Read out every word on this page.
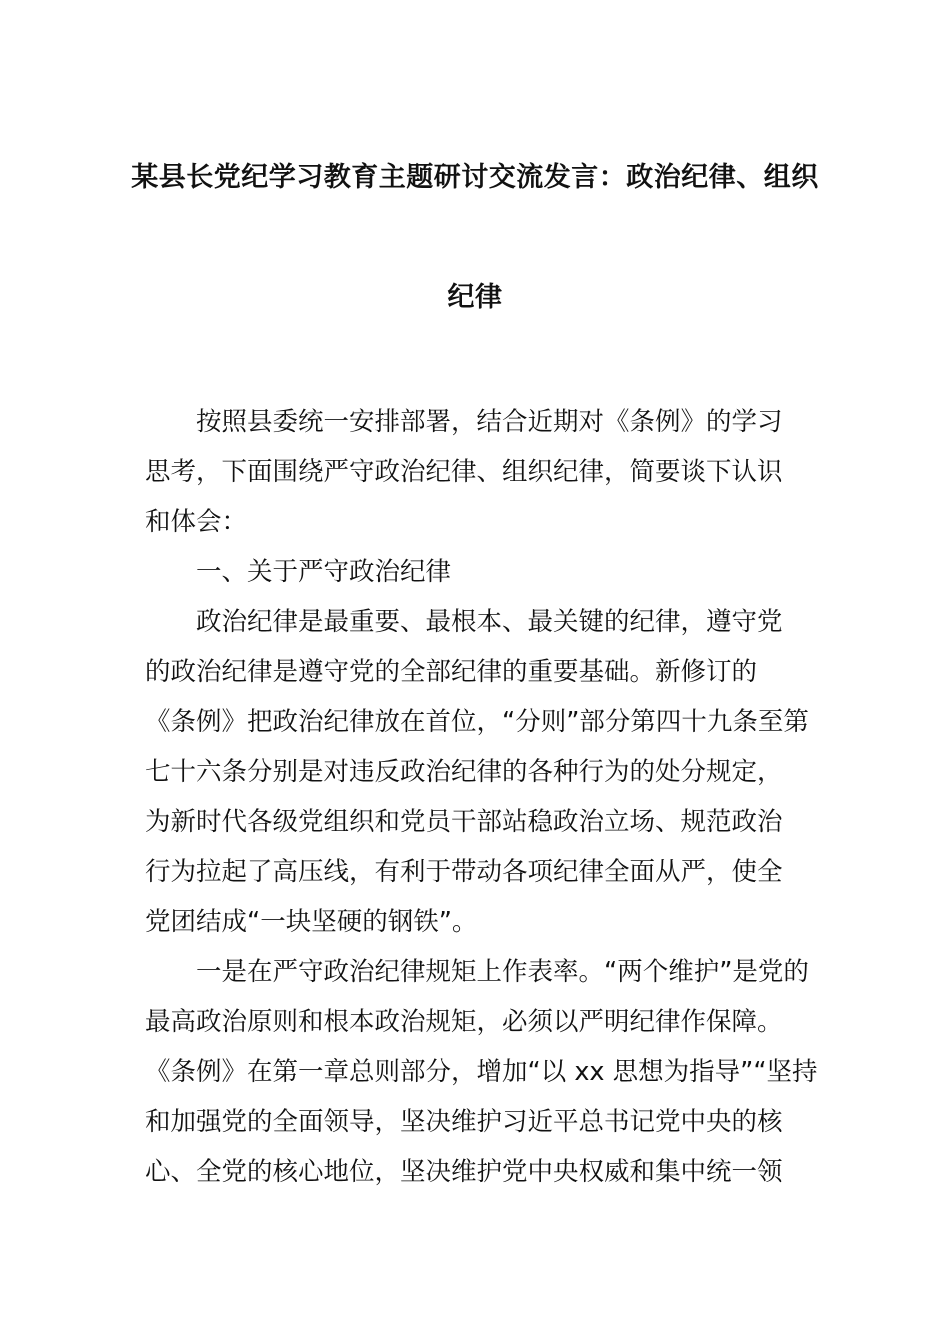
某县长党纪学习教育主题研讨交流发言：政治纪律、组织
纪律
按照县委统一安排部署，结合近期对《条例》的学习
思考，下面围绕严守政治纪律、组织纪律，简要谈下认识
和体会：
一、关于严守政治纪律
政治纪律是最重要、最根本、最关键的纪律，遵守党
的政治纪律是遵守党的全部纪律的重要基础。新修订的
《条例》把政治纪律放在首位，“分则”部分第四十九条至第
七十六条分别是对违反政治纪律的各种行为的处分规定，
为新时代各级党组织和党员干部站稳政治立场、规范政治
行为拉起了高压线，有利于带动各项纪律全面从严，使全
党团结成“一块坚硬的钢铁”。
一是在严守政治纪律规矩上作表率。“两个维护”是党的
最高政治原则和根本政治规矩，必须以严明纪律作保障。
《条例》在第一章总则部分，增加“以 xx 思想为指导”“坚持
和加强党的全面领导，坚决维护习近平总书记党中央的核
心、全党的核心地位，坚决维护党中央权威和集中统一领
